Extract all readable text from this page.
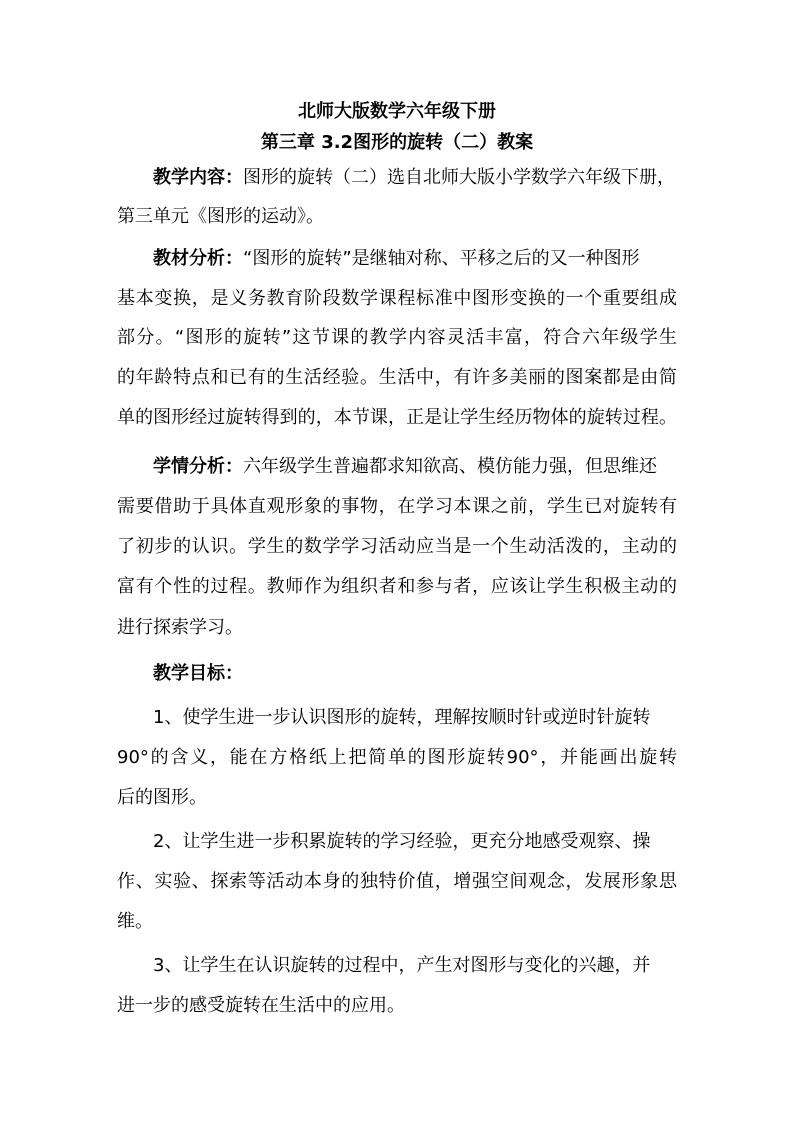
北师大版数学六年级下册
第三章 3.2图形的旋转（二）教案
教学内容：图形的旋转（二）选自北师大版小学数学六年级下册，
第三单元《图形的运动》。
教材分析：“图形的旋转”是继轴对称、平移之后的又一种图形
基本变换，是义务教育阶段数学课程标准中图形变换的一个重要组成
部分。“图形的旋转”这节课的教学内容灵活丰富，符合六年级学生
的年龄特点和已有的生活经验。生活中，有许多美丽的图案都是由简
单的图形经过旋转得到的，本节课，正是让学生经历物体的旋转过程。
学情分析：六年级学生普遍都求知欲高、模仿能力强，但思维还
需要借助于具体直观形象的事物，在学习本课之前，学生已对旋转有
了初步的认识。学生的数学学习活动应当是一个生动活泼的，主动的
富有个性的过程。教师作为组织者和参与者，应该让学生积极主动的
进行探索学习。
教学目标：
1、使学生进一步认识图形的旋转，理解按顺时针或逆时针旋转
90°的含义，能在方格纸上把简单的图形旋转90°，并能画出旋转
后的图形。
2、让学生进一步积累旋转的学习经验，更充分地感受观察、操
作、实验、探索等活动本身的独特价值，增强空间观念，发展形象思
维。
3、让学生在认识旋转的过程中，产生对图形与变化的兴趣，并
进一步的感受旋转在生活中的应用。
